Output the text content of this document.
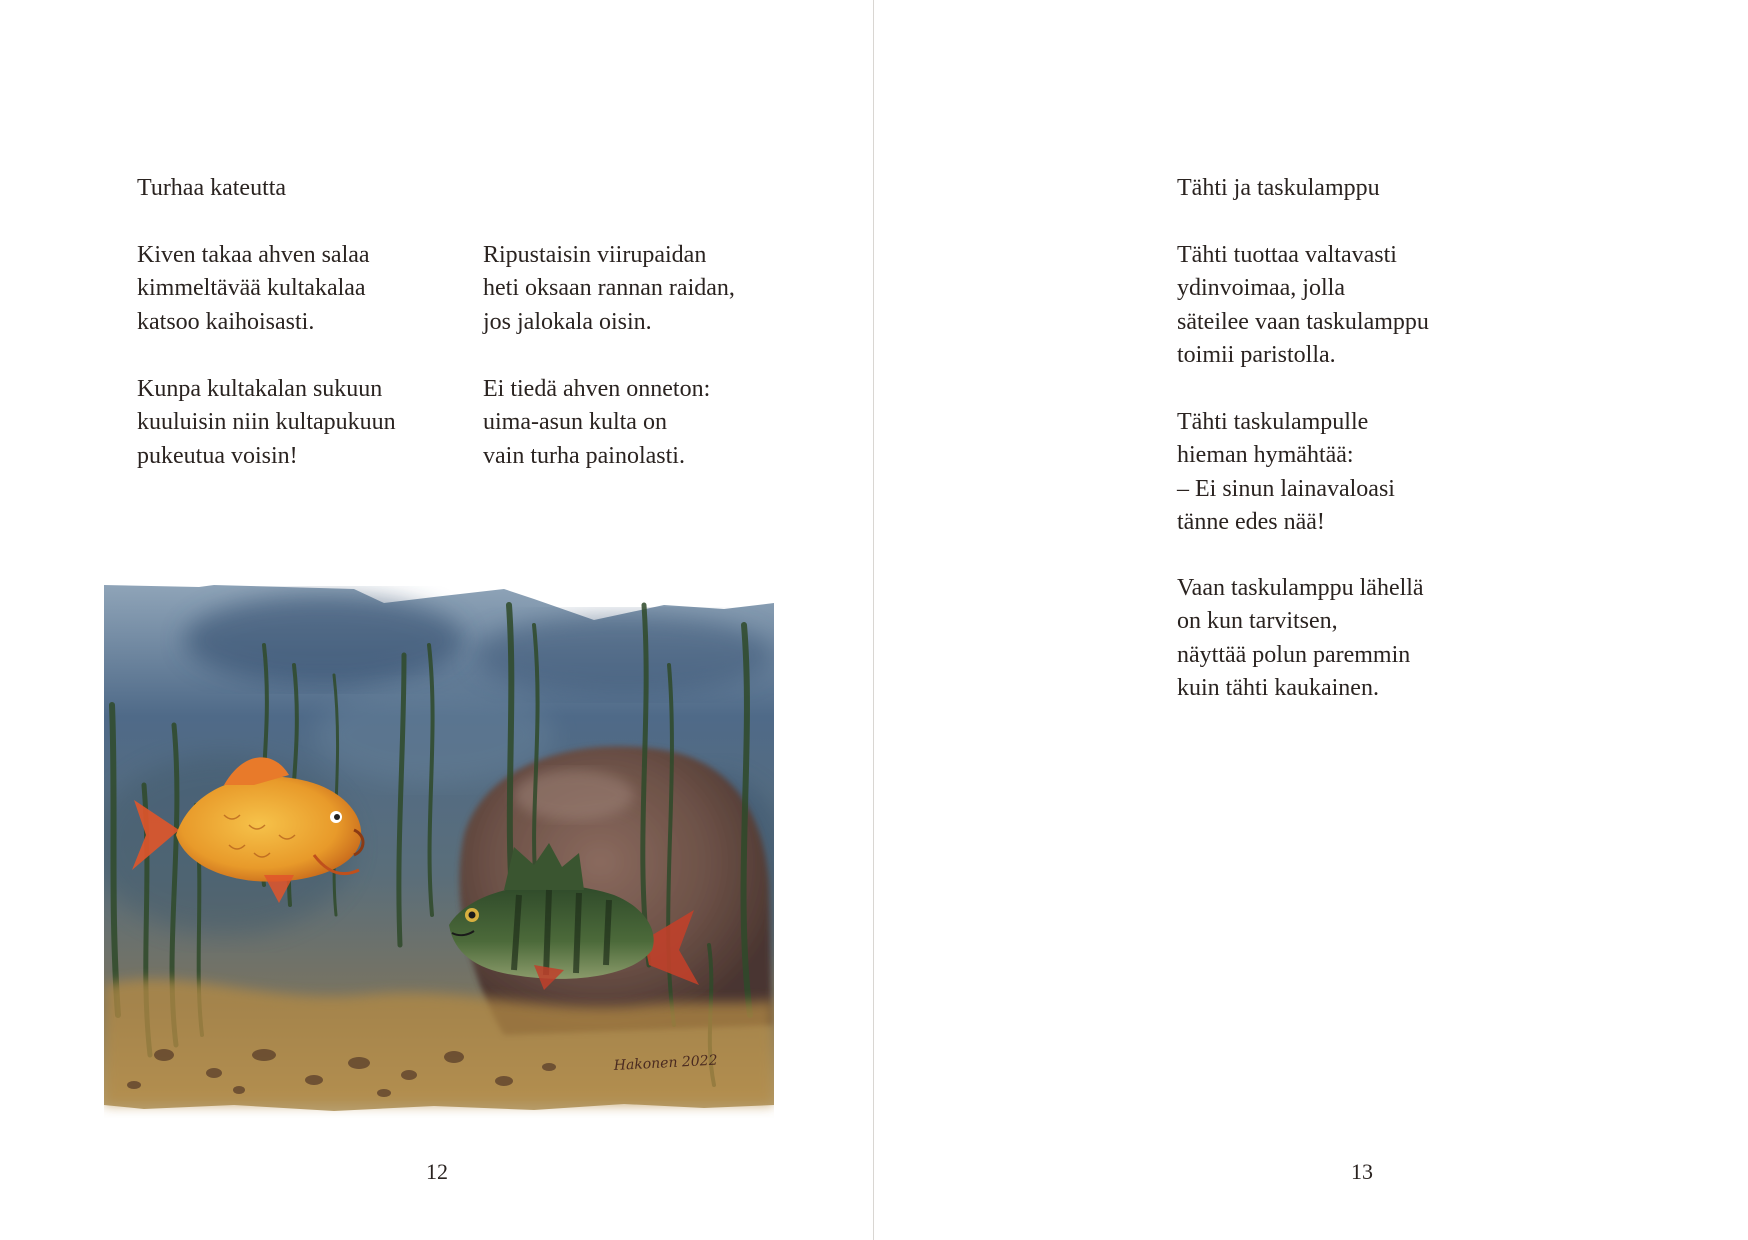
Turhaa kateutta
Kiven takaa ahven salaa
kimmeltävää kultakalaa
katsoo kaihoisasti.
Kunpa kultakalan sukuun
kuuluisin niin kultapukuun
pukeutua voisin!
Ripustaisin viirupaidan
heti oksaan rannan raidan,
jos jalokala oisin.
Ei tiedä ahven onneton:
uima-asun kulta on
vain turha painolasti.
Hakonen 2022
12
Tähti ja taskulamppu
Tähti tuottaa valtavasti
ydinvoimaa, jolla
säteilee vaan taskulamppu
toimii paristolla.
Tähti taskulampulle
hieman hymähtää:
– Ei sinun lainavaloasi
tänne edes nää!
Vaan taskulamppu lähellä
on kun tarvitsen,
näyttää polun paremmin
kuin tähti kaukainen.
13
